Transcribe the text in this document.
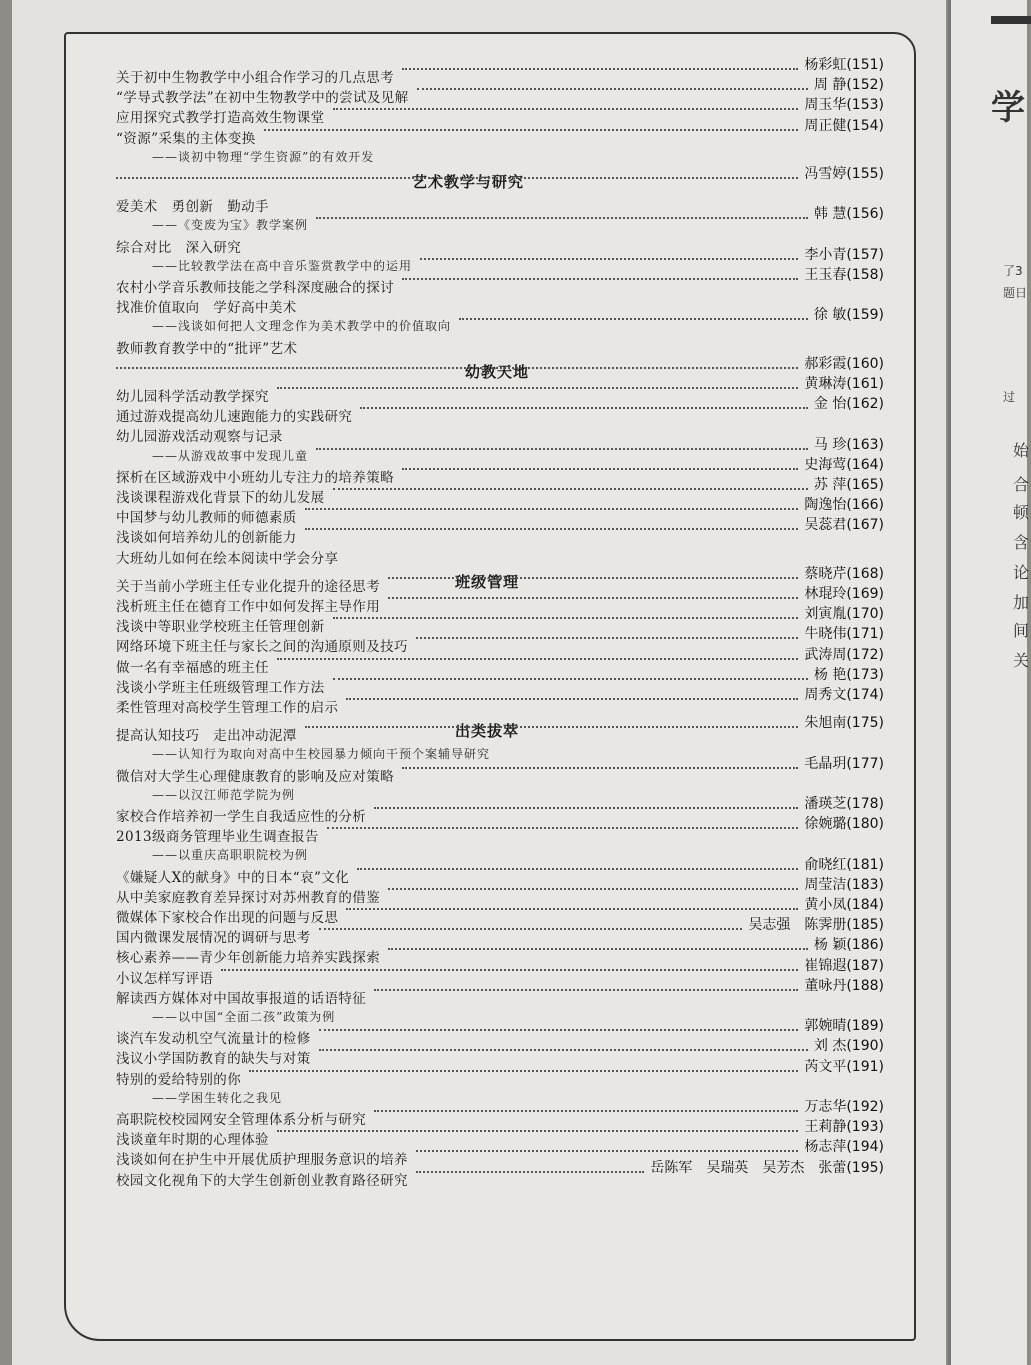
关于初中生物教学中小组合作学习的几点思考
杨彩虹(151)
“学导式教学法”在初中生物教学中的尝试及见解
周 静(152)
应用探究式教学打造高效生物课堂
周玉华(153)
“资源”采集的主体变换
周正健(154)
——谈初中物理“学生资源”的有效开发
艺术教学与研究	冯雪婷(155)
爱美术　勇创新　勤动手
——《变废为宝》教学案例
韩 慧(156)
综合对比　深入研究
——比较教学法在高中音乐鉴赏教学中的运用
李小青(157)
农村小学音乐教师技能之学科深度融合的探讨
王玉春(158)
找准价值取向　学好高中美术
——浅谈如何把人文理念作为美术教学中的价值取向
徐 敏(159)
教师教育教学中的“批评”艺术
幼教天地	郝彩霞(160)
幼儿园科学活动教学探究
黄琳涛(161)
通过游戏提高幼儿速跑能力的实践研究
金 怡(162)
幼儿园游戏活动观察与记录
——从游戏故事中发现儿童
马 珍(163)
探析在区域游戏中小班幼儿专注力的培养策略
史海莺(164)
浅谈课程游戏化背景下的幼儿发展
苏 萍(165)
中国梦与幼儿教师的师德素质
陶逸怡(166)
浅谈如何培养幼儿的创新能力
吴蕊君(167)
大班幼儿如何在绘本阅读中学会分享
班级管理
关于当前小学班主任专业化提升的途径思考
蔡晓芹(168)
浅析班主任在德育工作中如何发挥主导作用
林琨玲(169)
浅谈中等职业学校班主任管理创新
刘寅胤(170)
网络环境下班主任与家长之间的沟通原则及技巧
牛晓伟(171)
做一名有幸福感的班主任
武涛周(172)
浅谈小学班主任班级管理工作方法
杨 艳(173)
柔性管理对高校学生管理工作的启示
周秀文(174)
出类拔萃
提高认知技巧　走出冲动泥潭
朱旭南(175)
——认知行为取向对高中生校园暴力倾向干预个案辅导研究
微信对大学生心理健康教育的影响及应对策略
毛晶玥(177)
——以汉江师范学院为例
家校合作培养初一学生自我适应性的分析
潘瑛芝(178)
2013级商务管理毕业生调查报告
徐婉璐(180)
——以重庆高职职院校为例
《嫌疑人X的献身》中的日本“哀”文化
俞晓红(181)
从中美家庭教育差异探讨对苏州教育的借鉴
周莹洁(183)
微媒体下家校合作出现的问题与反思
黄小凤(184)
国内微课发展情况的调研与思考
吴志强　陈霁册(185)
核心素养——青少年创新能力培养实践探索
杨 颖(186)
小议怎样写评语
崔锦遐(187)
解读西方媒体对中国故事报道的话语特征
董咏丹(188)
——以中国“全面二孩”政策为例
谈汽车发动机空气流量计的检修
郭婉晴(189)
浅议小学国防教育的缺失与对策
刘 杰(190)
特别的爱给特别的你
芮文平(191)
——学困生转化之我见
高职院校校园网安全管理体系分析与研究
万志华(192)
浅谈童年时期的心理体验
王莉静(193)
浅谈如何在护生中开展优质护理服务意识的培养
杨志萍(194)
校园文化视角下的大学生创新创业教育路径研究
岳陈军　吴瑞英　吴芳杰　张蕾(195)
学
了3
题日
过
始
合
顿
含
论
加
间
关
